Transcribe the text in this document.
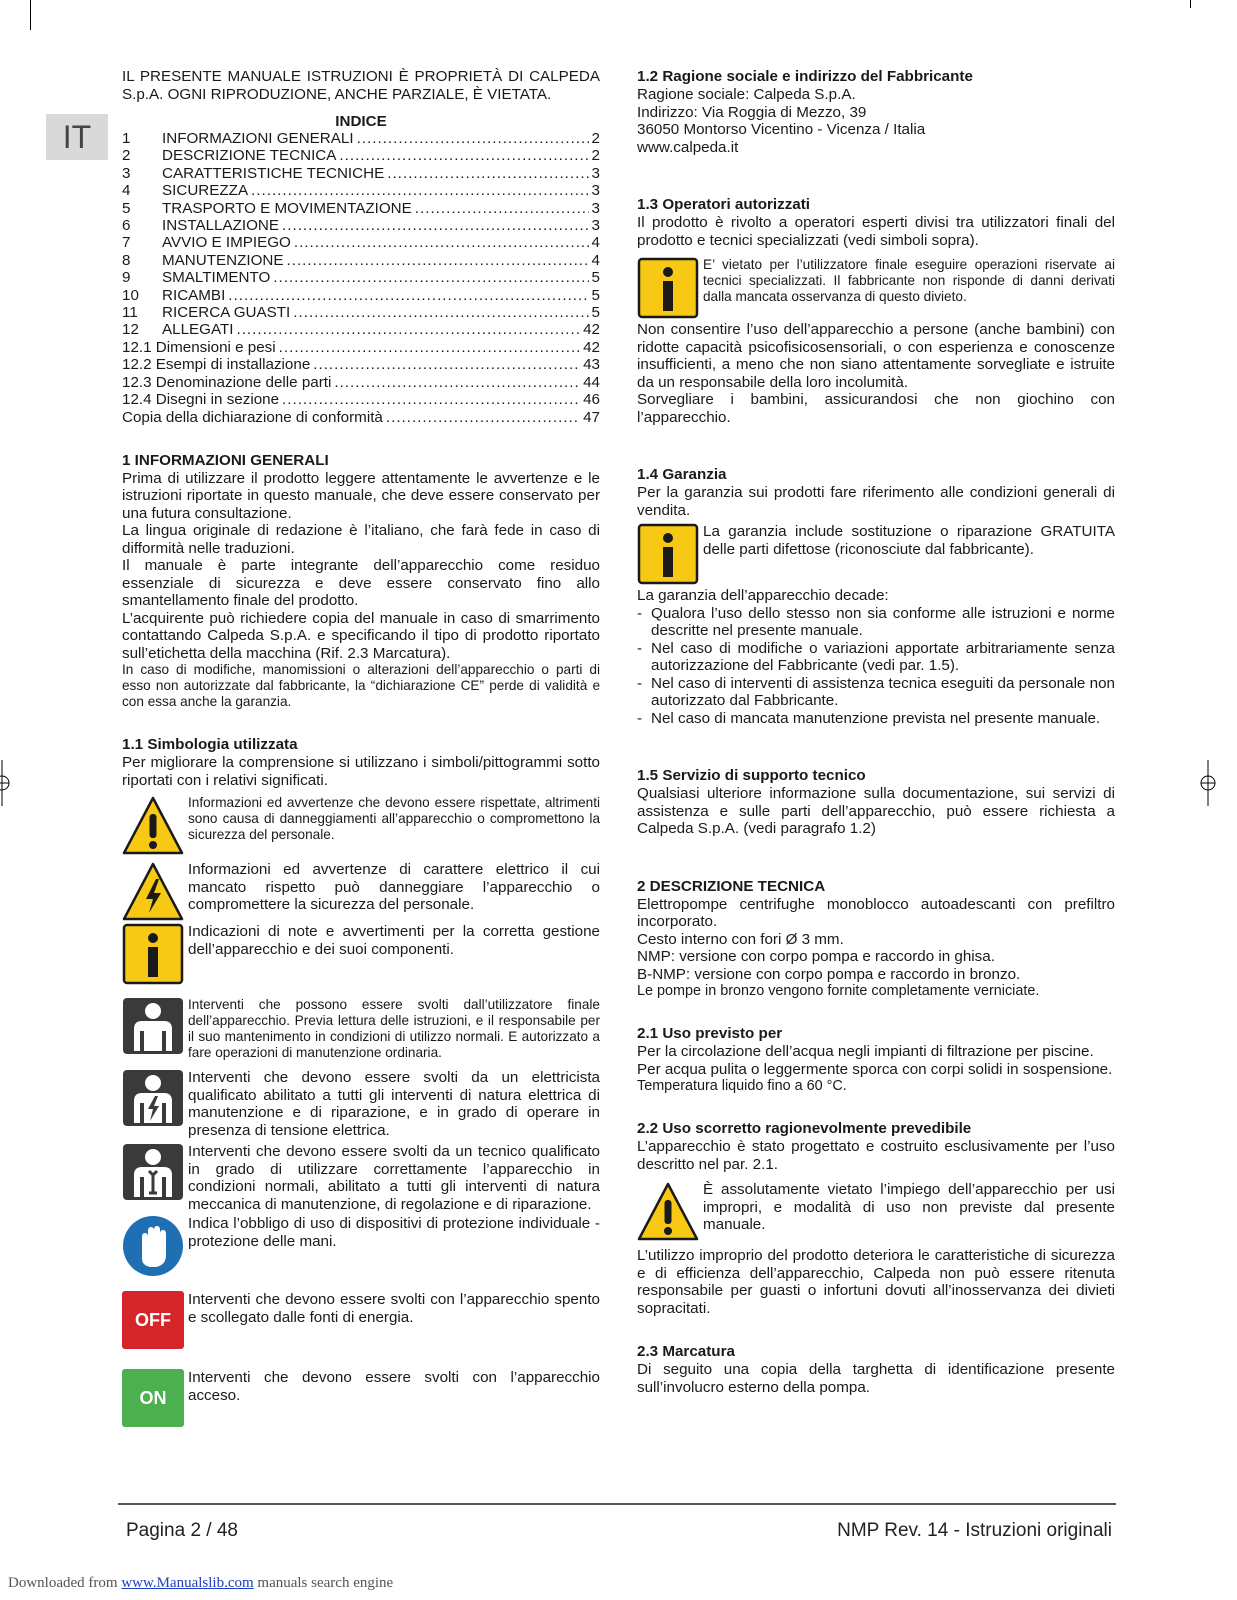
IT

IL PRESENTE MANUALE ISTRUZIONI È PROPRIETÀ DI CALPEDA S.p.A. OGNI RIPRODUZIONE, ANCHE PARZIALE, È VIETATA.

INDICE
1	INFORMAZIONI GENERALI .....	2
2	DESCRIZIONE TECNICA .....	2
3	CARATTERISTICHE TECNICHE .....	3
4	SICUREZZA .....	3
5	TRASPORTO E MOVIMENTAZIONE .....	3
6	INSTALLAZIONE .....	3
7	AVVIO E IMPIEGO .....	4
8	MANUTENZIONE .....	4
9	SMALTIMENTO .....	5
10	RICAMBI .....	5
11	RICERCA GUASTI .....	5
12	ALLEGATI .....	42
12.1 Dimensioni e pesi .....	42
12.2 Esempi di installazione .....	43
12.3 Denominazione delle parti .....	44
12.4 Disegni in sezione .....	46
Copia della dichiarazione di conformità .....	47
1 INFORMAZIONI GENERALI

Prima di utilizzare il prodotto leggere attentamente le avvertenze e le istruzioni riportate in questo manuale, che deve essere conservato per una futura consultazione.

La lingua originale di redazione è l’italiano, che farà fede in caso di difformità nelle traduzioni.

Il manuale è parte integrante dell’apparecchio come residuo essenziale di sicurezza e deve essere conservato fino allo smantellamento finale del prodotto.

L’acquirente può richiedere copia del manuale in caso di smarrimento contattando Calpeda S.p.A. e specificando il tipo di prodotto riportato sull’etichetta della macchina (Rif. 2.3 Marcatura).

In caso di modifiche, manomissioni o alterazioni dell’apparecchio o parti di esso non autorizzate dal fabbricante, la “dichiarazione CE” perde di validità e con essa anche la garanzia.

1.1 Simbologia utilizzata

Per migliorare la comprensione si utilizzano i simboli/pittogrammi sotto riportati con i relativi significati.

Informazioni ed avvertenze che devono essere rispettate, altrimenti sono causa di danneggiamenti all’apparecchio o compromettono la sicurezza del personale.

Informazioni ed avvertenze di carattere elettrico il cui mancato rispetto può danneggiare l’apparecchio o compromettere la sicurezza del personale.

Indicazioni di note e avvertimenti per la corretta gestione dell’apparecchio e dei suoi componenti.

Interventi che possono essere svolti dall’utilizzatore finale dell’apparecchio. Previa lettura delle istruzioni, e il responsabile per il suo mantenimento in condizioni di utilizzo normali. E autorizzato a fare operazioni di manutenzione ordinaria.

Interventi che devono essere svolti da un elettricista qualificato abilitato a tutti gli interventi di natura elettrica di manutenzione e di riparazione, e in grado di operare in presenza di tensione elettrica.

Interventi che devono essere svolti da un tecnico qualificato in grado di utilizzare correttamente l’apparecchio in condizioni normali, abilitato a tutti gli interventi di natura meccanica di manutenzione, di regolazione e di riparazione.

Indica l’obbligo di uso di dispositivi di protezione individuale - protezione delle mani.

OFF

Interventi che devono essere svolti con l’apparecchio spento e scollegato dalle fonti di energia.

ON

Interventi che devono essere svolti con l’apparecchio acceso.

1.2 Ragione sociale e indirizzo del Fabbricante

Ragione sociale: Calpeda S.p.A.

Indirizzo: Via Roggia di Mezzo, 39

36050 Montorso Vicentino - Vicenza / Italia

www.calpeda.it

1.3 Operatori autorizzati

Il prodotto è rivolto a operatori esperti divisi tra utilizzatori finali del prodotto e tecnici specializzati (vedi simboli sopra).

E’ vietato per l’utilizzatore finale eseguire operazioni riservate ai tecnici specializzati. Il fabbricante non risponde di danni derivati dalla mancata osservanza di questo divieto.

Non consentire l’uso dell’apparecchio a persone (anche bambini) con ridotte capacità psicofisicosensoriali, o con esperienza e conoscenze insufficienti, a meno che non siano attentamente sorvegliate e istruite da un responsabile della loro incolumità.

Sorvegliare i bambini, assicurandosi che non giochino con l’apparecchio.

1.4 Garanzia

Per la garanzia sui prodotti fare riferimento alle condizioni generali di vendita.

La garanzia include sostituzione o riparazione GRATUITA delle parti difettose (riconosciute dal fabbricante).

La garanzia dell’apparecchio decade:

- Qualora l’uso dello stesso non sia conforme alle istruzioni e norme descritte nel presente manuale.
- Nel caso di modifiche o variazioni apportate arbitrariamente senza autorizzazione del Fabbricante (vedi par. 1.5).
- Nel caso di interventi di assistenza tecnica eseguiti da personale non autorizzato dal Fabbricante.
- Nel caso di mancata manutenzione prevista nel presente manuale.
1.5 Servizio di supporto tecnico

Qualsiasi ulteriore informazione sulla documentazione, sui servizi di assistenza e sulle parti dell’apparecchio, può essere richiesta a Calpeda S.p.A. (vedi paragrafo 1.2)

2 DESCRIZIONE TECNICA

Elettropompe centrifughe monoblocco autoadescanti con prefiltro incorporato.

Cesto interno con fori Ø 3 mm.

NMP: versione con corpo pompa e raccordo in ghisa.

B-NMP: versione con corpo pompa e raccordo in bronzo.

Le pompe in bronzo vengono fornite completamente verniciate.

2.1 Uso previsto per

Per la circolazione dell’acqua negli impianti di filtrazione per piscine.

Per acqua pulita o leggermente sporca con corpi solidi in sospensione.

Temperatura liquido fino a 60 °C.

2.2 Uso scorretto ragionevolmente prevedibile

L’apparecchio è stato progettato e costruito esclusivamente per l’uso descritto nel par. 2.1.

È assolutamente vietato l’impiego dell’apparecchio per usi impropri, e modalità di uso non previste dal presente manuale.

L’utilizzo improprio del prodotto deteriora le caratteristiche di sicurezza e di efficienza dell’apparecchio, Calpeda non può essere ritenuta responsabile per guasti o infortuni dovuti all’inosservanza dei divieti sopracitati.

2.3 Marcatura

Di seguito una copia della targhetta di identificazione presente sull’involucro esterno della pompa.

Pagina 2 / 48	NMP Rev. 14 - Istruzioni originali
Downloaded from www.Manualslib.com manuals search engine
